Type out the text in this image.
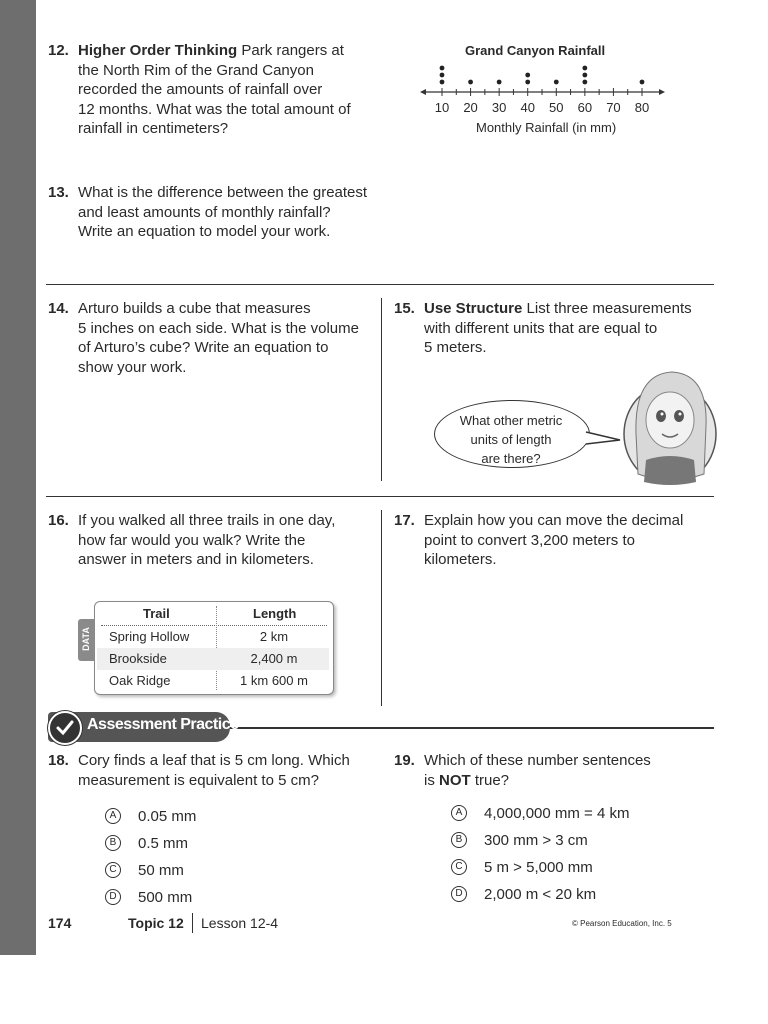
12. Higher Order Thinking Park rangers at
the North Rim of the Grand Canyon
recorded the amounts of rainfall over
12 months. What was the total amount of
rainfall in centimeters?
Grand Canyon Rainfall
10	20	30	40	50	60	70	80
Monthly Rainfall (in mm)
13. What is the difference between the greatest
and least amounts of monthly rainfall?
Write an equation to model your work.
14. Arturo builds a cube that measures
5 inches on each side. What is the volume
of Arturo’s cube? Write an equation to
show your work.
15. Use Structure List three measurements
with different units that are equal to
5 meters.
What other metric
units of length
are there?
16. If you walked all three trails in one day,
how far would you walk? Write the
answer in meters and in kilometers.
DATA
Trail	Length
Spring Hollow	2 km
Brookside	2,400 m
Oak Ridge	1 km 600 m
17. Explain how you can move the decimal
point to convert 3,200 meters to
kilometers.
Assessment Practice
18. Cory finds a leaf that is 5 cm long. Which
measurement is equivalent to 5 cm?
A	0.05 mm
B	0.5 mm
C 50 mm
D 500 mm
19. Which of these number sentences
is NOT true?
A	4,000,000 mm = 4 km
B	300 mm > 3 cm
C 5 m > 5,000 mm
D 2,000 m < 20 km
174	Topic 12 Lesson 12-4	© Pearson Education, Inc. 5
